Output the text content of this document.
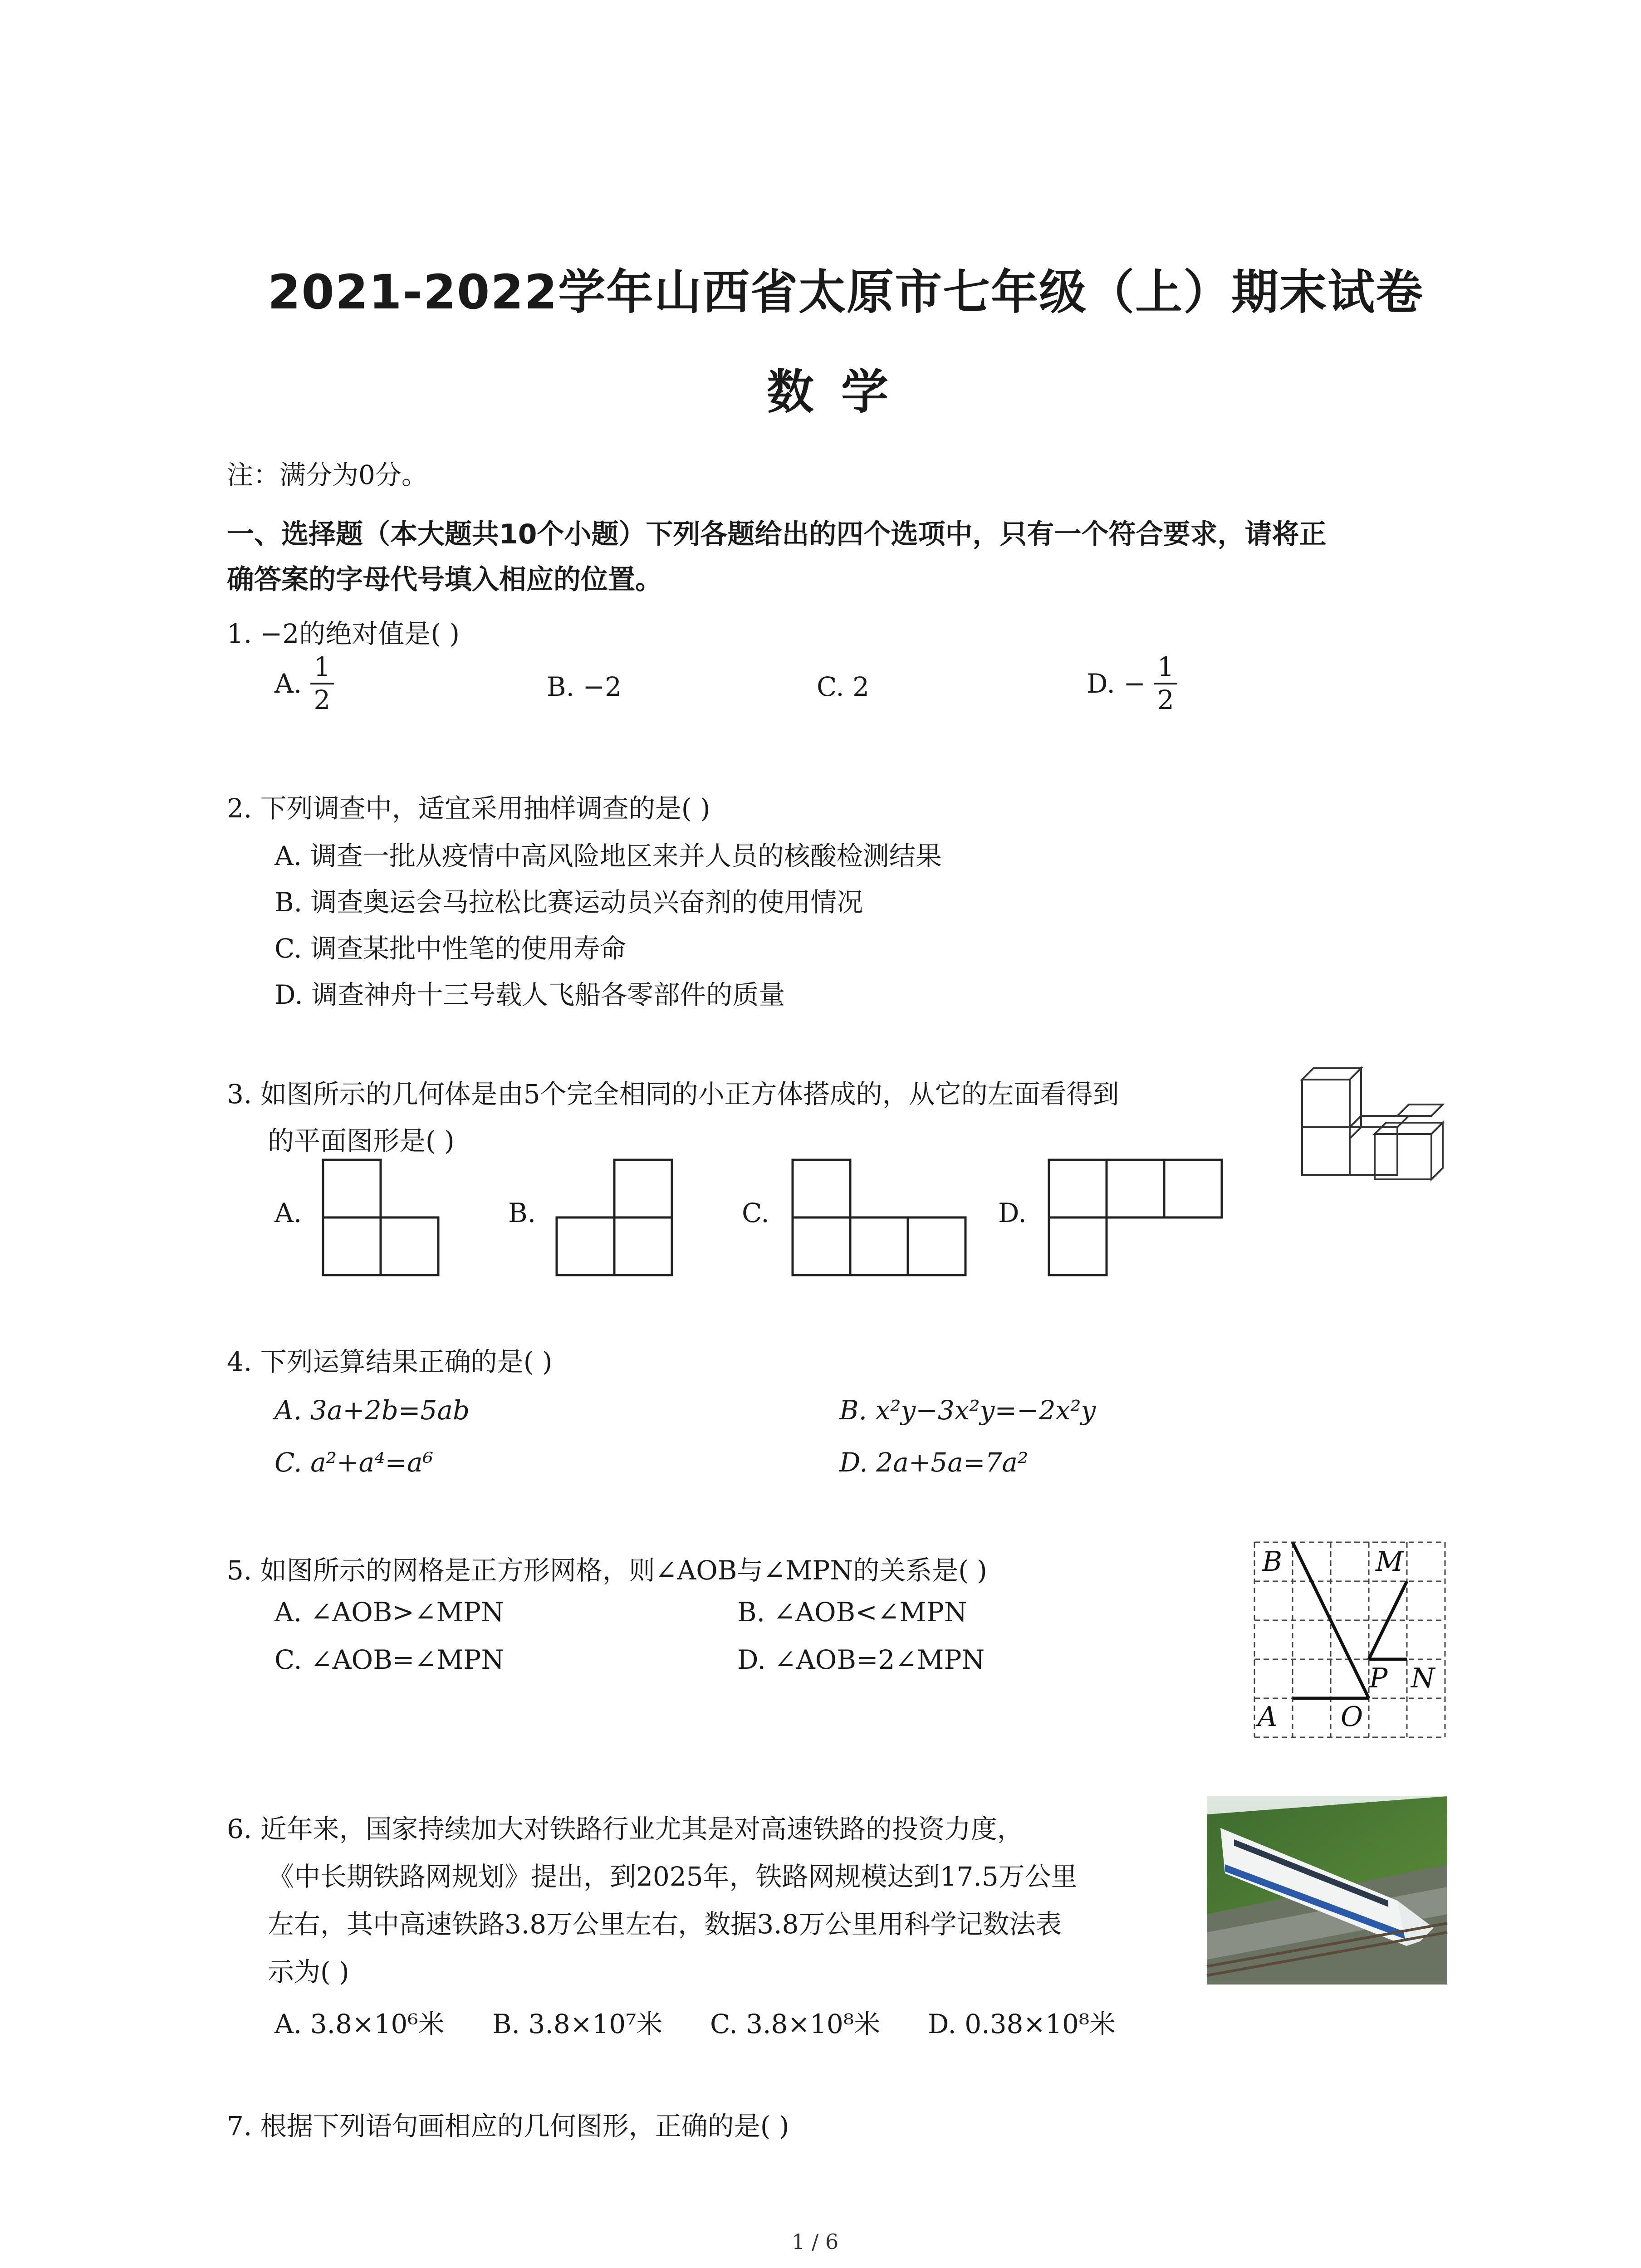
2021-2022学年山西省太原市七年级（上）期末试卷
数学
注：满分为0分。
一、选择题（本大题共10个小题）下列各题给出的四个选项中，只有一个符合要求，请将正
确答案的字母代号填入相应的位置。
1. −2的绝对值是( )
A. $\frac{1}{2}$	B. −2	C. 2	D. − $\frac{1}{2}$
2. 下列调查中，适宜采用抽样调查的是( )
A. 调查一批从疫情中高风险地区来并人员的核酸检测结果
B. 调查奥运会马拉松比赛运动员兴奋剂的使用情况
C. 调查某批中性笔的使用寿命
D. 调查神舟十三号载人飞船各零部件的质量
3. 如图所示的几何体是由5个完全相同的小正方体搭成的，从它的左面看得到
的平面图形是( )
A.	B.	C.	D.
4. 下列运算结果正确的是( )
A. 3a+2b=5ab	B. x²y−3x²y=−2x²y
C. a²+a⁴=a⁶	D. 2a+5a=7a²
5. 如图所示的网格是正方形网格，则∠AOB与∠MPN的关系是( )
A. ∠AOB>∠MPN	B. ∠AOB<∠MPN
C. ∠AOB=∠MPN	D. ∠AOB=2∠MPN
B	M
P N
A O
6. 近年来，国家持续加大对铁路行业尤其是对高速铁路的投资力度，
《中长期铁路网规划》提出，到2025年，铁路网规模达到17.5万公里
左右，其中高速铁路3.8万公里左右，数据3.8万公里用科学记数法表
示为( )
A. 3.8×10⁶米 B. 3.8×10⁷米 C. 3.8×10⁸米 D. 0.38×10⁸米
7. 根据下列语句画相应的几何图形，正确的是( )
1 / 6
